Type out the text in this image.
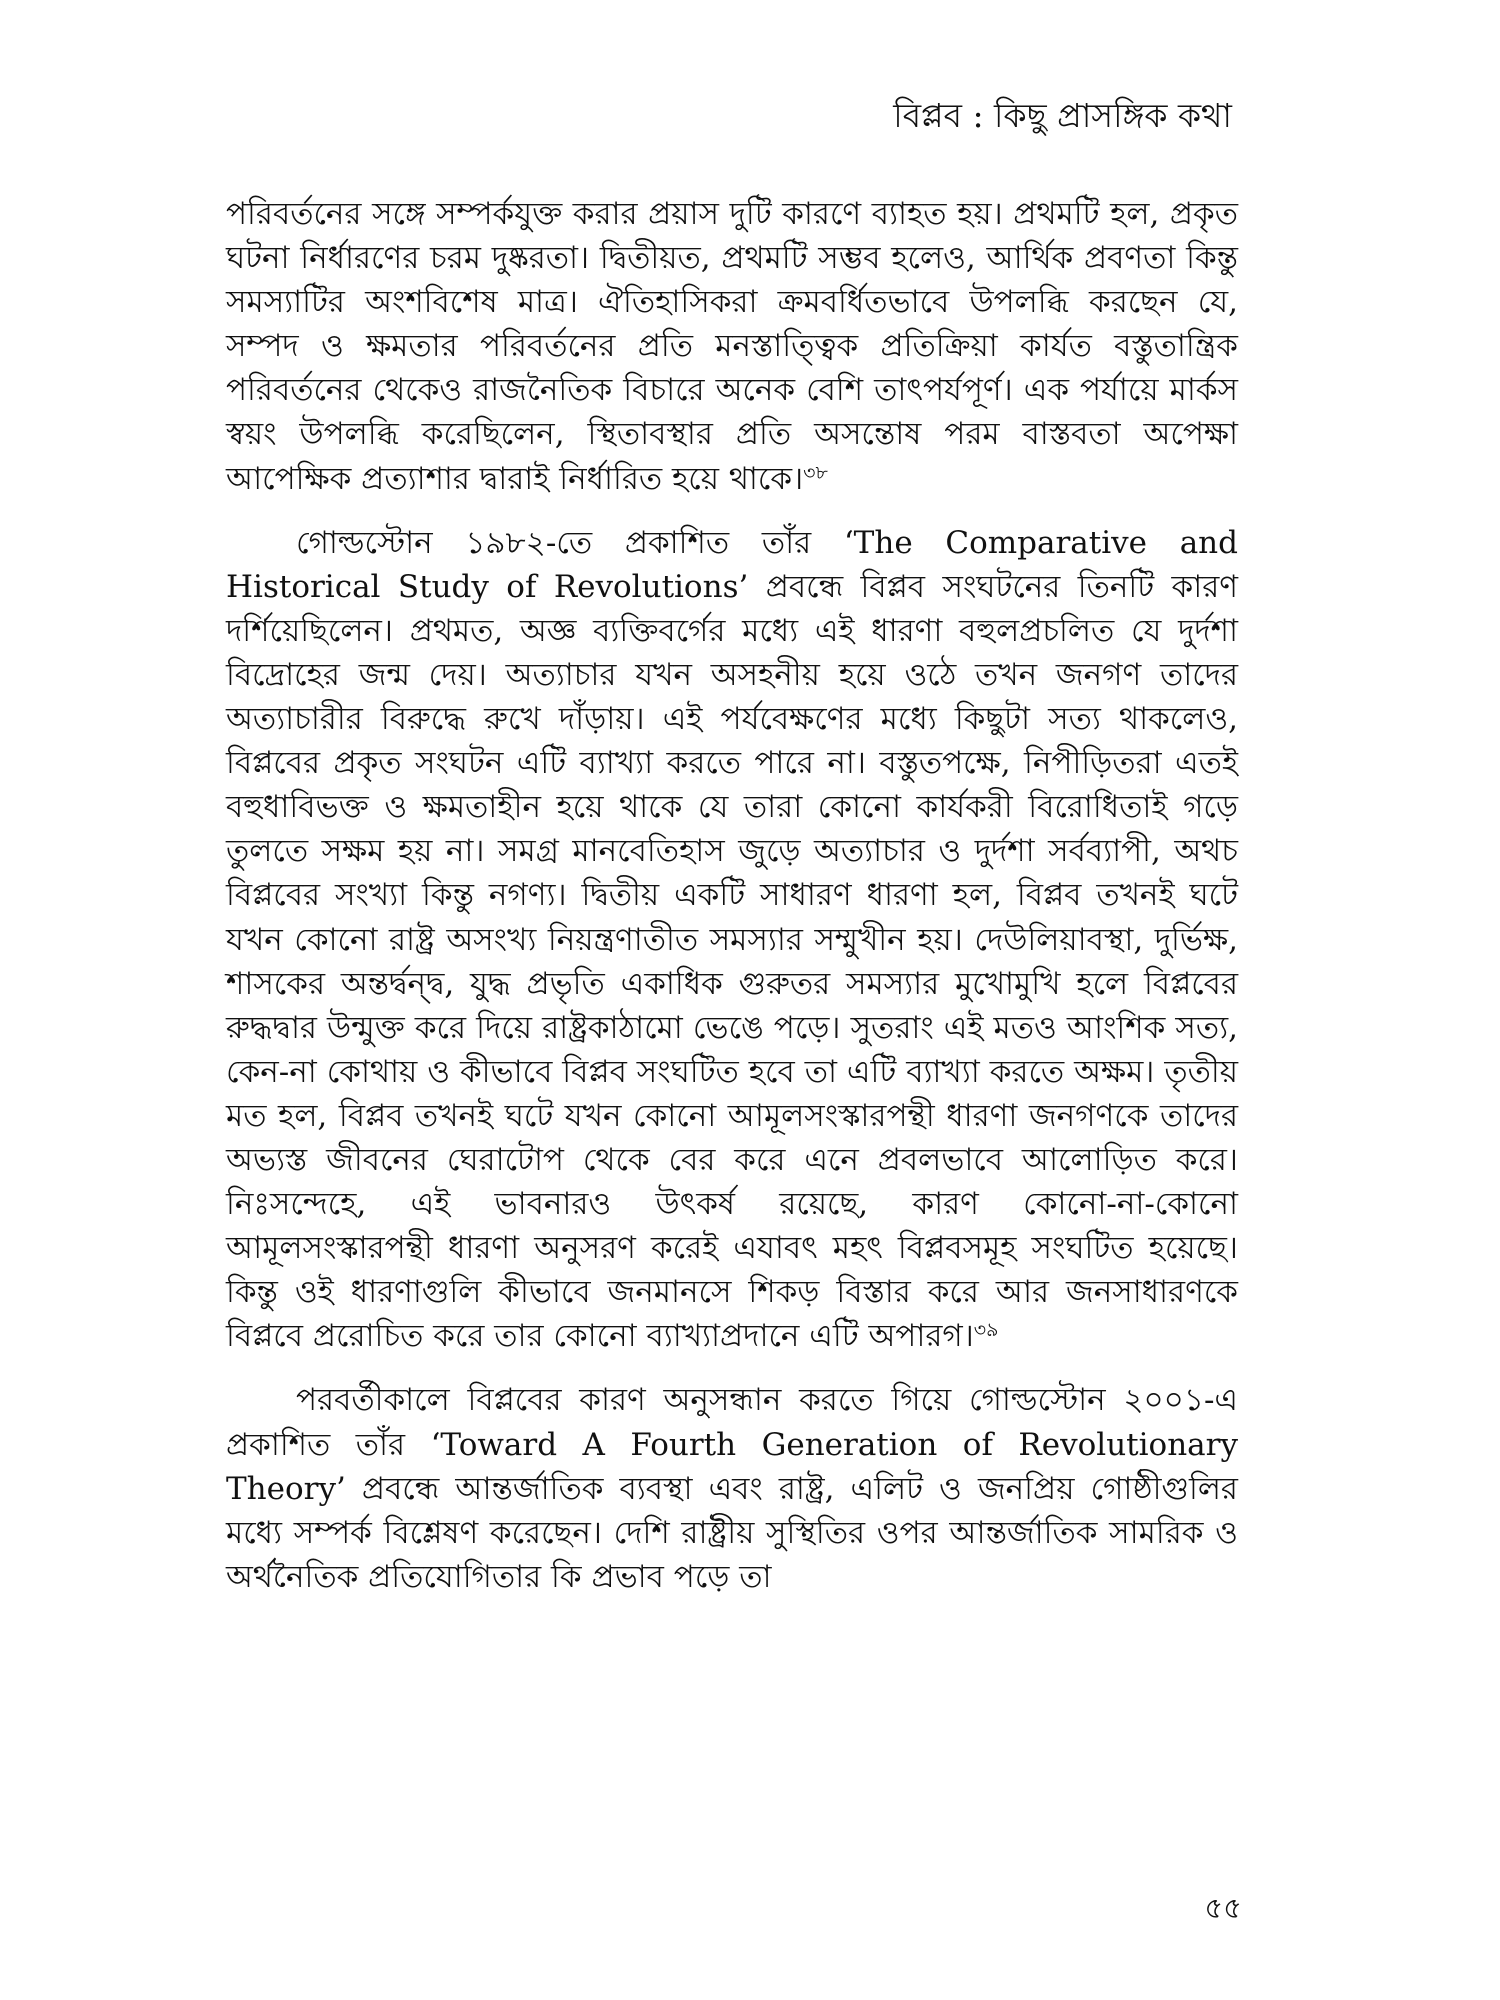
বিপ্লব : কিছু প্রাসঙ্গিক কথা

পরিবর্তনের সঙ্গে সম্পর্কযুক্ত করার প্রয়াস দুটি কারণে ব্যাহত হয়। প্রথমটি হল, প্রকৃত ঘটনা নির্ধারণের চরম দুষ্করতা। দ্বিতীয়ত, প্রথমটি সম্ভব হলেও, আর্থিক প্রবণতা কিন্তু সমস্যাটির অংশবিশেষ মাত্র। ঐতিহাসিকরা ক্রমবর্ধিতভাবে উপলব্ধি করছেন যে, সম্পদ ও ক্ষমতার পরিবর্তনের প্রতি মনস্তাত্ত্বিক প্রতিক্রিয়া কার্যত বস্তুতান্ত্রিক পরিবর্তনের থেকেও রাজনৈতিক বিচারে অনেক বেশি তাৎপর্যপূর্ণ। এক পর্যায়ে মার্কস স্বয়ং উপলব্ধি করেছিলেন, স্থিতাবস্থার প্রতি অসন্তোষ পরম বাস্তবতা অপেক্ষা আপেক্ষিক প্রত্যাশার দ্বারাই নির্ধারিত হয়ে থাকে।$^{৩৮}$

গোল্ডস্টোন ১৯৮২-তে প্রকাশিত তাঁর ‘The Comparative and Historical Study of Revolutions’ প্রবন্ধে বিপ্লব সংঘটনের তিনটি কারণ দর্শিয়েছিলেন। প্রথমত, অজ্ঞ ব্যক্তিবর্গের মধ্যে এই ধারণা বহুলপ্রচলিত যে দুর্দশা বিদ্রোহের জন্ম দেয়। অত্যাচার যখন অসহনীয় হয়ে ওঠে তখন জনগণ তাদের অত্যাচারীর বিরুদ্ধে রুখে দাঁড়ায়। এই পর্যবেক্ষণের মধ্যে কিছুটা সত্য থাকলেও, বিপ্লবের প্রকৃত সংঘটন এটি ব্যাখ্যা করতে পারে না। বস্তুতপক্ষে, নিপীড়িতরা এতই বহুধাবিভক্ত ও ক্ষমতাহীন হয়ে থাকে যে তারা কোনো কার্যকরী বিরোধিতাই গড়ে তুলতে সক্ষম হয় না। সমগ্র মানবেতিহাস জুড়ে অত্যাচার ও দুর্দশা সর্বব্যাপী, অথচ বিপ্লবের সংখ্যা কিন্তু নগণ্য। দ্বিতীয় একটি সাধারণ ধারণা হল, বিপ্লব তখনই ঘটে যখন কোনো রাষ্ট্র অসংখ্য নিয়ন্ত্রণাতীত সমস্যার সম্মুখীন হয়। দেউলিয়াবস্থা, দুর্ভিক্ষ, শাসকের অন্তর্দ্বন্দ্ব, যুদ্ধ প্রভৃতি একাধিক গুরুতর সমস্যার মুখোমুখি হলে বিপ্লবের রুদ্ধদ্বার উন্মুক্ত করে দিয়ে রাষ্ট্রকাঠামো ভেঙে পড়ে। সুতরাং এই মতও আংশিক সত্য, কেন-না কোথায় ও কীভাবে বিপ্লব সংঘটিত হবে তা এটি ব্যাখ্যা করতে অক্ষম। তৃতীয় মত হল, বিপ্লব তখনই ঘটে যখন কোনো আমূলসংস্কারপন্থী ধারণা জনগণকে তাদের অভ্যস্ত জীবনের ঘেরাটোপ থেকে বের করে এনে প্রবলভাবে আলোড়িত করে। নিঃসন্দেহে, এই ভাবনারও উৎকর্ষ রয়েছে, কারণ কোনো-না-কোনো আমূলসংস্কারপন্থী ধারণা অনুসরণ করেই এযাবৎ মহৎ বিপ্লবসমূহ সংঘটিত হয়েছে। কিন্তু ওই ধারণাগুলি কীভাবে জনমানসে শিকড় বিস্তার করে আর জনসাধারণকে বিপ্লবে প্ররোচিত করে তার কোনো ব্যাখ্যাপ্রদানে এটি অপারগ।$^{৩৯}$

পরবর্তীকালে বিপ্লবের কারণ অনুসন্ধান করতে গিয়ে গোল্ডস্টোন ২০০১-এ প্রকাশিত তাঁর ‘Toward A Fourth Generation of Revolutionary Theory’ প্রবন্ধে আন্তর্জাতিক ব্যবস্থা এবং রাষ্ট্র, এলিট ও জনপ্রিয় গোষ্ঠীগুলির মধ্যে সম্পর্ক বিশ্লেষণ করেছেন। দেশি রাষ্ট্রীয় সুস্থিতির ওপর আন্তর্জাতিক সামরিক ও অর্থনৈতিক প্রতিযোগিতার কি প্রভাব পড়ে তা

৫৫
